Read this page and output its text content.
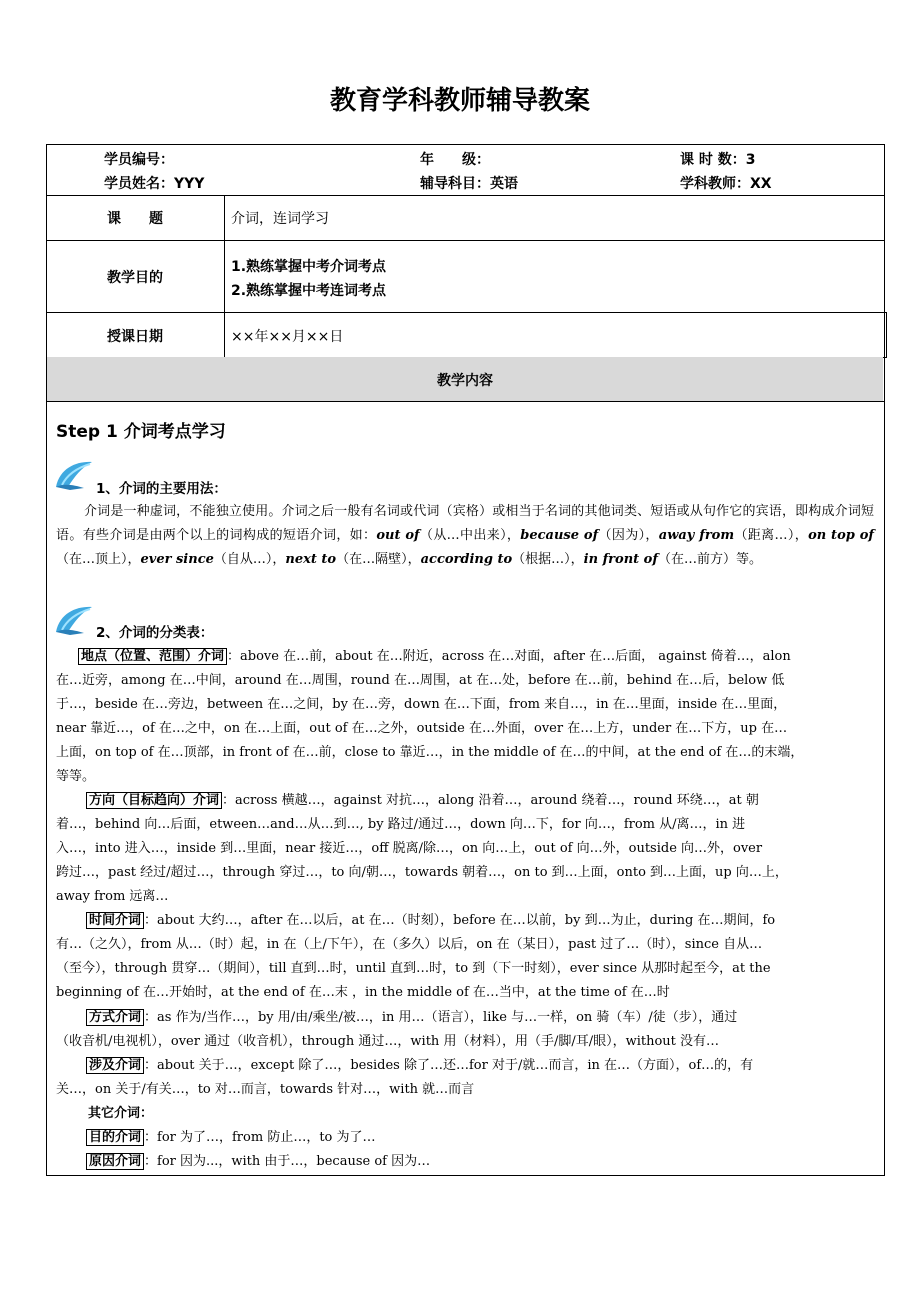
教育学科教师辅导教案
学员编号：	年　　级：	课 时 数：3
学员姓名：YYY	辅导科目：英语	学科教师：XX
课　　题	介词，连词学习
教学目的
1.熟练掌握中考介词考点
2.熟练掌握中考连词考点
授课日期	××年××月××日
教学内容
Step 1 介词考点学习
1、介词的主要用法：
介词是一种虚词，不能独立使用。介词之后一般有名词或代词（宾格）或相当于名词的其他词类、短语或从句作它的宾语，即构成介词短语。有些介词是由两个以上的词构成的短语介词，如：out of（从…中出来），because of（因为），away from（距离…），on top of（在…顶上），ever since（自从…），next to（在…隔壁），according to（根据…），in front of（在…前方）等。
2、介词的分类表：
地点（位置、范围）介词 ：above 在…前，about 在…附近，across 在…对面，after 在…后面， against 倚着…，alon
在…近旁，among 在…中间，around 在…周围，round 在…周围，at 在…处，before 在…前，behind 在…后，below 低
于…，beside 在…旁边，between 在…之间，by 在…旁，down 在…下面，from 来自…，in 在…里面，inside 在…里面，
near 靠近…，of 在…之中，on 在…上面，out of 在…之外，outside 在…外面，over 在…上方，under 在…下方，up 在…
上面，on top of 在…顶部，in front of 在…前，close to 靠近…，in the middle of 在…的中间，at the end of 在…的末端，
等等。
方向（目标趋向）介词 ：across 横越…，against 对抗…，along 沿着…，around 绕着…，round 环绕…，at 朝
着…，behind 向…后面，etween…and…从…到…, by 路过/通过…，down 向…下，for 向…，from 从/离…，in 进
入…，into 进入…，inside 到…里面，near 接近…，off 脱离/除…，on 向…上，out of 向…外，outside 向…外，over
跨过…，past 经过/超过…，through 穿过…，to 向/朝…，towards 朝着…，on to 到…上面，onto 到…上面，up 向…上，
away from 远离…
时间介词 ：about 大约…，after 在…以后，at 在…（时刻），before 在…以前，by 到…为止，during 在…期间，fo
有…（之久），from 从…（时）起，in 在（上/下午），在（多久）以后，on 在（某日），past 过了…（时），since 自从…
（至今），through 贯穿…（期间），till 直到…时，until 直到…时，to 到（下一时刻），ever since 从那时起至今，at the
beginning of 在…开始时，at the end of 在…末 ，in the middle of 在…当中，at the time of 在…时
方式介词 ：as 作为/当作…，by 用/由/乘坐/被…，in 用…（语言），like 与…一样，on 骑（车）/徒（步），通过
（收音机/电视机），over 通过（收音机），through 通过…，with 用（材料），用（手/脚/耳/眼），without 没有…
涉及介词 ：about 关于…，except 除了…，besides 除了…还…for 对于/就…而言，in 在…（方面），of…的，有
关…，on 关于/有关…，to 对…而言，towards 针对…，with 就…而言
其它介词：
目的介词 ：for 为了…，from 防止…，to 为了…
原因介词 ：for 因为...，with 由于…，because of 因为…
